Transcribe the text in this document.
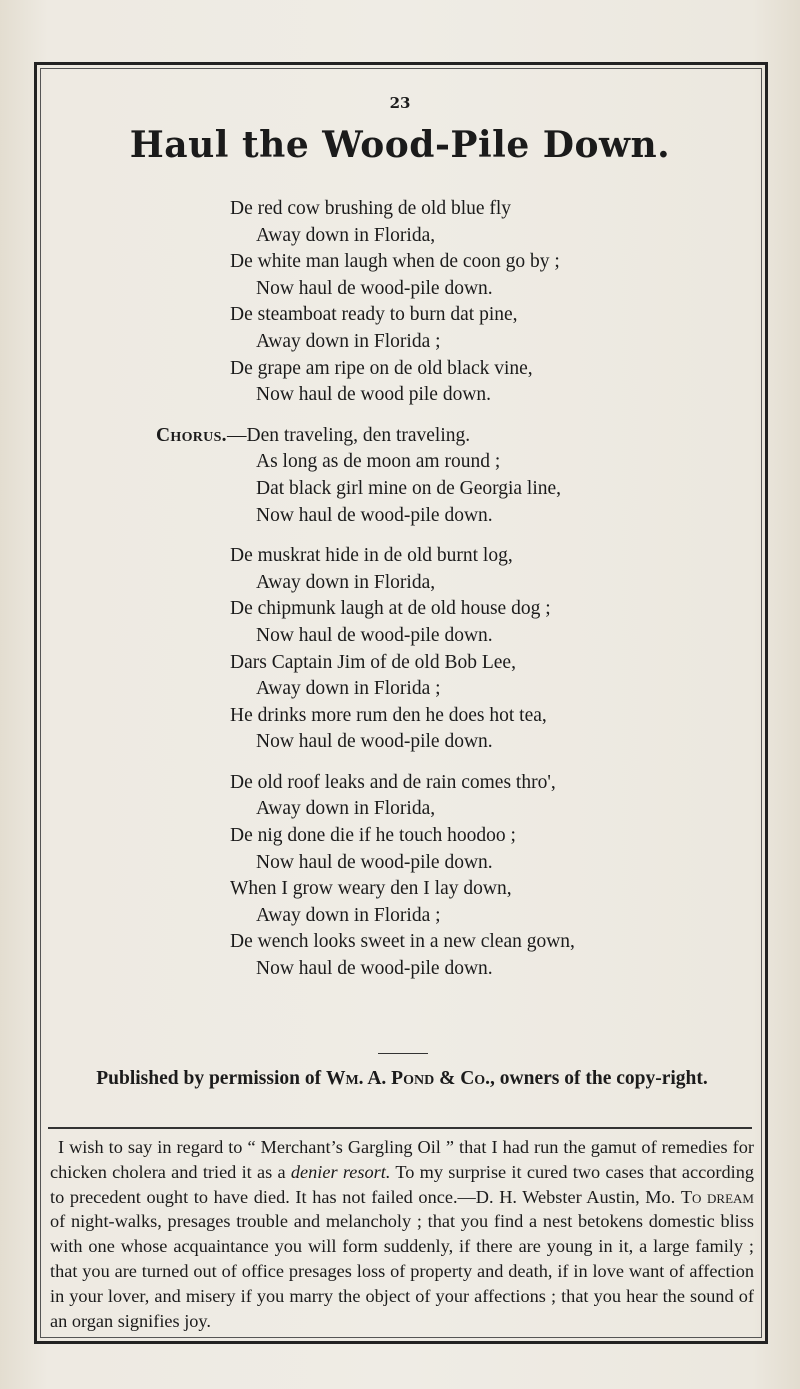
23
Haul the Wood-Pile Down.
De red cow brushing de old blue fly
Away down in Florida,
De white man laugh when de coon go by ;
Now haul de wood-pile down.
De steamboat ready to burn dat pine,
Away down in Florida ;
De grape am ripe on de old black vine,
Now haul de wood pile down.
Chorus. —Den traveling, den traveling.

As long as de moon am round ;
Dat black girl mine on de Georgia line,
Now haul de wood-pile down.
De muskrat hide in de old burnt log,
Away down in Florida,
De chipmunk laugh at de old house dog ;
Now haul de wood-pile down.
Dars Captain Jim of de old Bob Lee,
Away down in Florida ;
He drinks more rum den he does hot tea,
Now haul de wood-pile down.
De old roof leaks and de rain comes thro',
Away down in Florida,
De nig done die if he touch hoodoo ;
Now haul de wood-pile down.
When I grow weary den I lay down,
Away down in Florida ;
De wench looks sweet in a new clean gown,
Now haul de wood-pile down.
Published by permission of Wm. A. Pond & Co., owners of the copy-right.
I wish to say in regard to “ Merchant’s Gargling Oil ” that I had run the gamut of remedies for chicken cholera and tried it as a denier resort. To my surprise it cured two cases that according to precedent ought to have died. It has not failed once.—D. H. Webster Austin, Mo. To dream of night-walks, presages trouble and melancholy ; that you find a nest betokens domestic bliss with one whose acquaintance you will form suddenly, if there are young in it, a large family ; that you are turned out of office presages loss of property and death, if in love want of affection in your lover, and misery if you marry the object of your affections ; that you hear the sound of an organ signifies joy.
